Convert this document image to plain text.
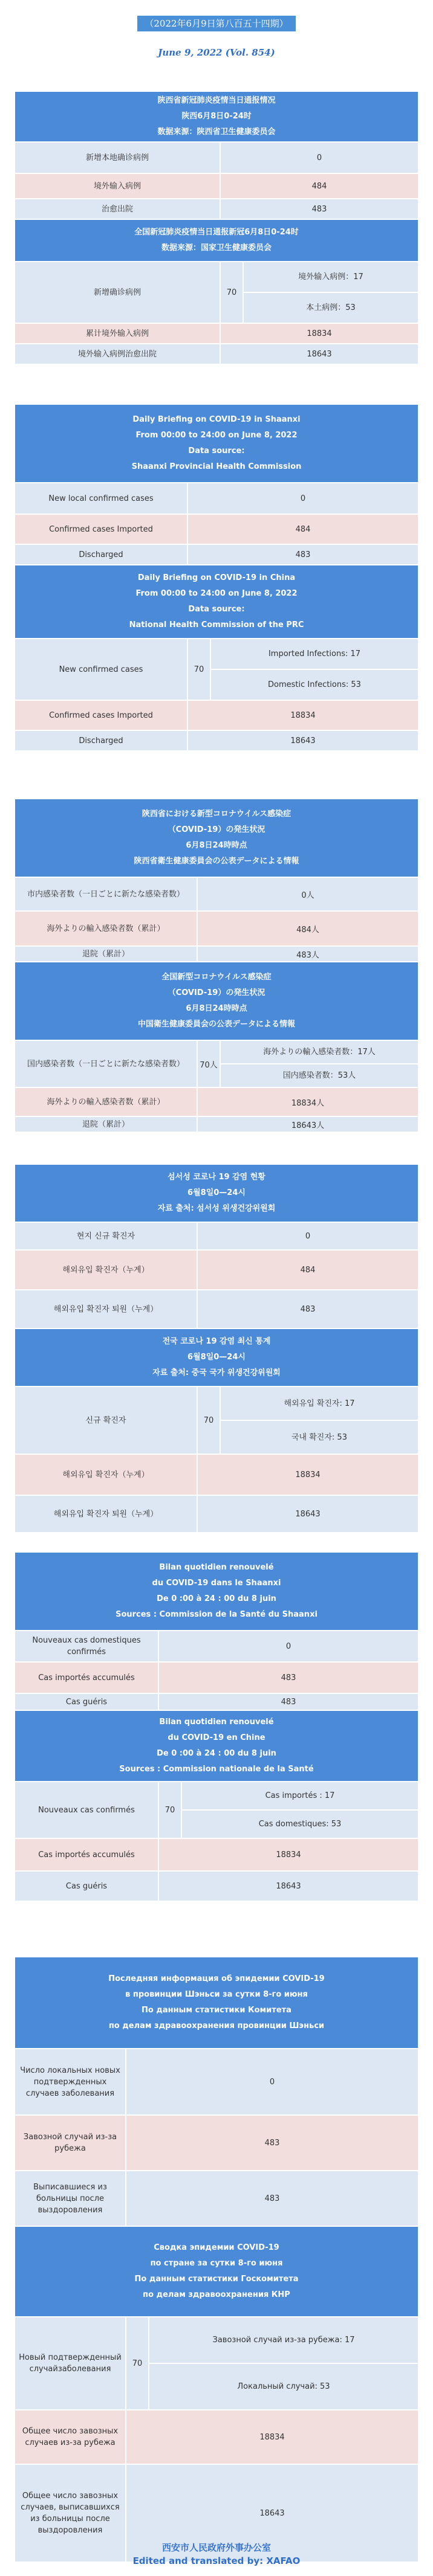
（2022年6月9日第八百五十四期）
June 9, 2022 (Vol. 854)
陕西省新冠肺炎疫情当日通报情况
陕西6月8日0-24时
数据来源：陕西省卫生健康委员会
新增本地确诊病例	0
境外输入病例	484
治愈出院	483
全国新冠肺炎疫情当日通报新冠6月8日0-24时
数据来源：国家卫生健康委员会
新增确诊病例	70
境外输入病例：17
本土病例：53
累计境外输入病例	18834
境外输入病例治愈出院	18643
Daily Briefing on COVID-19 in Shaanxi
From 00:00 to 24:00 on June 8, 2022
Data source:
Shaanxi Provincial Health Commission
New local confirmed cases	0
Confirmed cases Imported	484
Discharged	483
Daily Briefing on COVID-19 in China
From 00:00 to 24:00 on June 8, 2022
Data source:
National Health Commission of the PRC
New confirmed cases	70
Imported Infections: 17
Domestic Infections: 53
Confirmed cases Imported	18834
Discharged	18643
陝西省における新型コロナウイルス感染症
（COVID-19）の発生状況
6月8日24時時点
陝西省衛生健康委員会の公表データによる情報
市内感染者数（一日ごとに新たな感染者数）	0人
海外よりの輸入感染者数（累計）	484人
退院（累計）	483人
全国新型コロナウイルス感染症
（COVID-19）の発生状況
6月8日24時時点
中国衛生健康委員会の公表データによる情報
国内感染者数（一日ごとに新たな感染者数）	70人
海外よりの輸入感染者数：17人
国内感染者数：53人
海外よりの輸入感染者数（累計）	18834人
退院（累計）	18643人
섬서성 코로나 19 감염 현황
6월8일0—24시
자료 출처: 섬서성 위생건강위원회
현지 신규 확진자	0
해외유입 확진자（누계）	484
해외유입 확진자 퇴원（누계）	483
전국 코로나 19 감염 최신 통계
6월8일0—24시
자료 출처: 중국 국가 위생건강위원회
신규 확진자	70
해외유입 확진자: 17
국내 확진자: 53
해외유입 확진자（누계）	18834
해외유입 확진자 퇴원（누계）	18643
Bilan quotidien renouvelé
du COVID-19 dans le Shaanxi
De 0 :00 à 24 : 00 du 8 juin
Sources : Commission de la Santé du Shaanxi
Nouveaux cas domestiques confirmés
0
Cas importés accumulés	483
Cas guéris	483
Bilan quotidien renouvelé
du COVID-19 en Chine
De 0 :00 à 24 : 00 du 8 juin
Sources : Commission nationale de la Santé
Nouveaux cas confirmés	70
Cas importés : 17
Cas domestiques: 53
Cas importés accumulés	18834
Cas guéris	18643
Последняя информация об эпидемии COVID-19
в провинции Шэньси за сутки 8-го июня
По данным статистики Комитета
по делам здравоохранения провинции Шэньси
Число локальных новых подтвержденных случаев заболевания
0
Завозной случай из-за рубежа
483
Выписавшиеся из больницы после выздоровления
483
Сводка эпидемии COVID-19
по стране за сутки 8-го июня
По данным статистики Госкомитета
по делам здравоохранения КНР
Новый подтвержденный случайзаболевания
70
Завозной случай из-за рубежа: 17
Локальный случай: 53
Общее число завозных случаев из-за рубежа
18834
Общее число завозных случаев, выписавшихся из больницы после выздоровления
18643
西安市人民政府外事办公室
Edited and translated by: XAFAO
